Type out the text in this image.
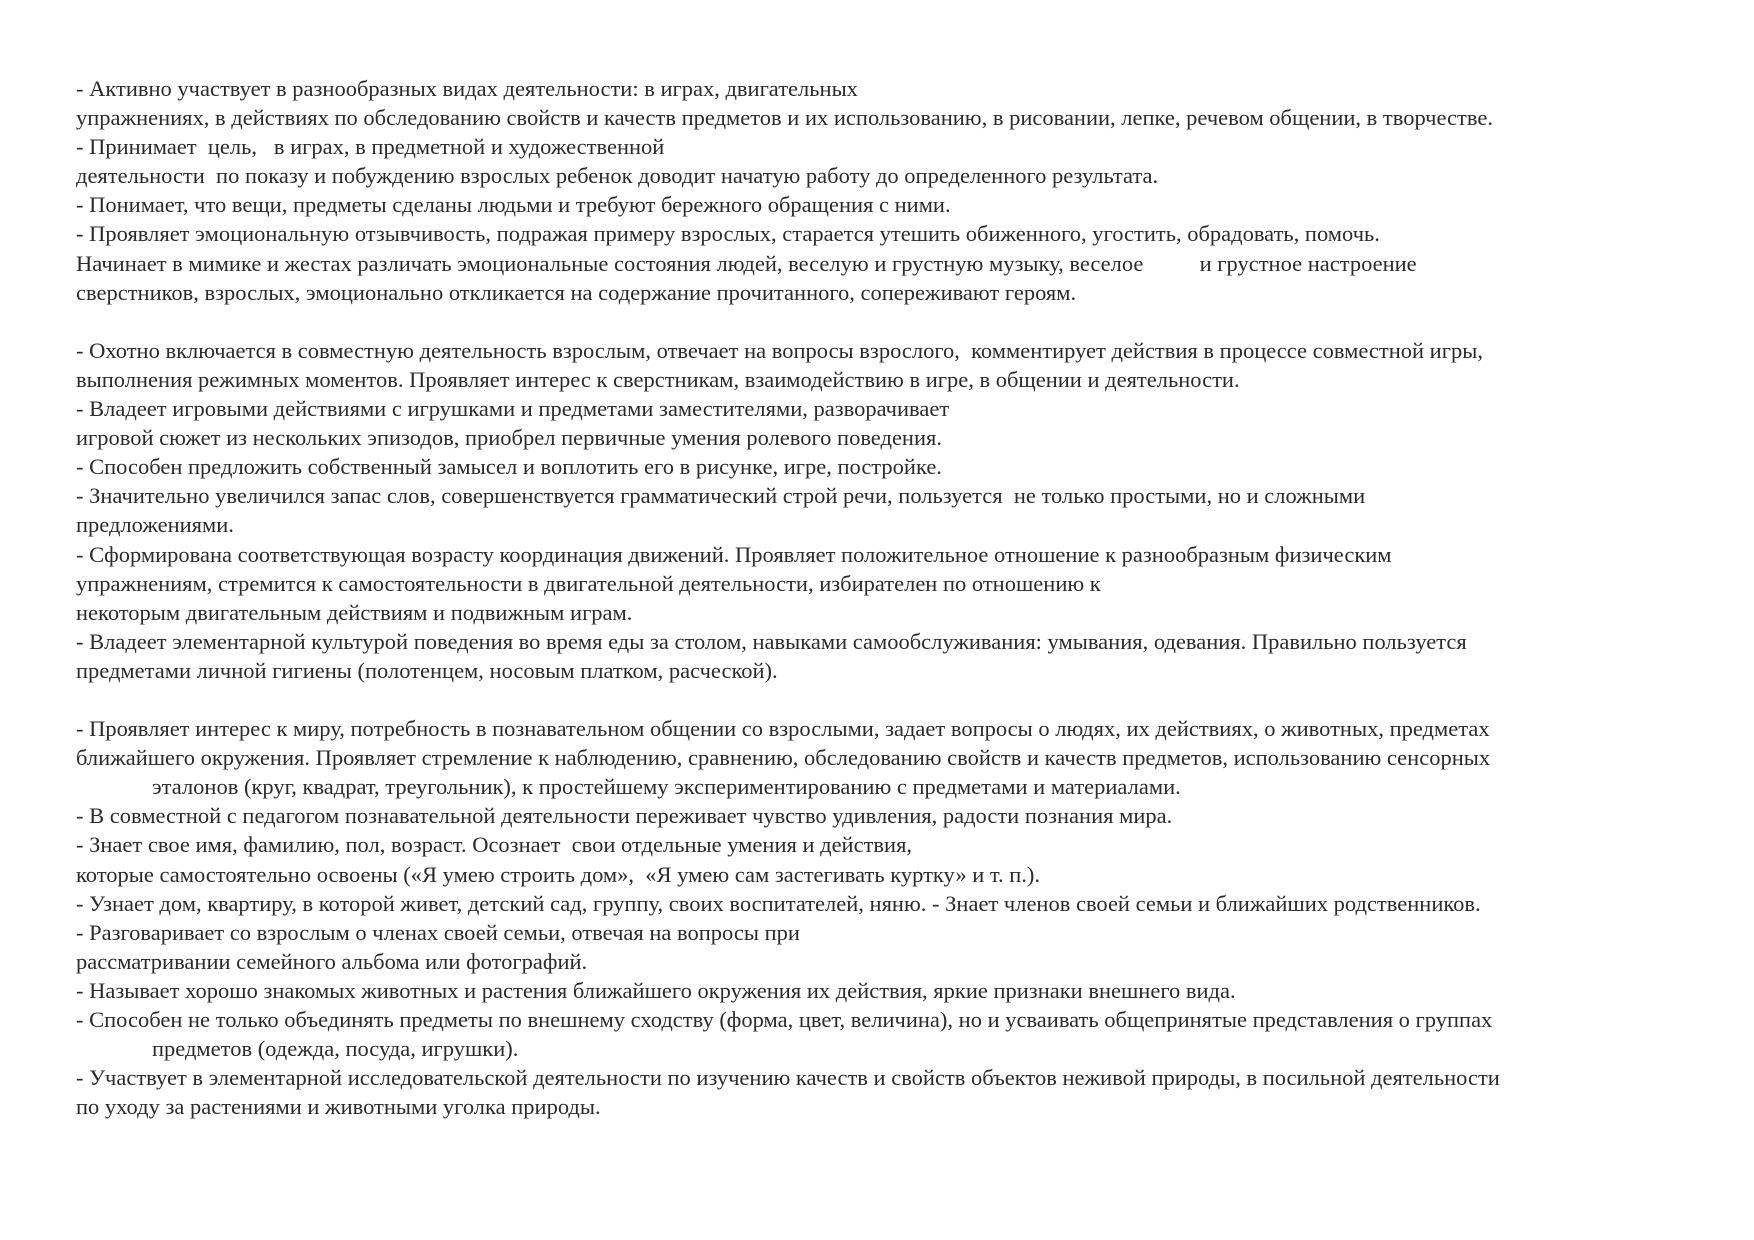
- Активно участвует в разнообразных видах деятельности: в играх, двигательных
упражнениях, в действиях по обследованию свойств и качеств предметов и их использованию, в рисовании, лепке, речевом общении, в творчестве.
- Принимает  цель,   в играх, в предметной и художественной
деятельности  по показу и побуждению взрослых ребенок доводит начатую работу до определенного результата.
- Понимает, что вещи, предметы сделаны людьми и требуют бережного обращения с ними.
- Проявляет эмоциональную отзывчивость, подражая примеру взрослых, старается утешить обиженного, угостить, обрадовать, помочь.
Начинает в мимике и жестах различать эмоциональные состояния людей, веселую и грустную музыку, веселое          и грустное настроение
сверстников, взрослых, эмоционально откликается на содержание прочитанного, сопереживают героям.
- Охотно включается в совместную деятельность взрослым, отвечает на вопросы взрослого,  комментирует действия в процессе совместной игры,
выполнения режимных моментов. Проявляет интерес к сверстникам, взаимодействию в игре, в общении и деятельности.
- Владеет игровыми действиями с игрушками и предметами заместителями, разворачивает
игровой сюжет из нескольких эпизодов, приобрел первичные умения ролевого поведения.
- Способен предложить собственный замысел и воплотить его в рисунке, игре, постройке.
- Значительно увеличился запас слов, совершенствуется грамматический строй речи, пользуется  не только простыми, но и сложными
предложениями.
- Сформирована соответствующая возрасту координация движений. Проявляет положительное отношение к разнообразным физическим
упражнениям, стремится к самостоятельности в двигательной деятельности, избирателен по отношению к
некоторым двигательным действиям и подвижным играм.
- Владеет элементарной культурой поведения во время еды за столом, навыками самообслуживания: умывания, одевания. Правильно пользуется
предметами личной гигиены (полотенцем, носовым платком, расческой).
- Проявляет интерес к миру, потребность в познавательном общении со взрослыми, задает вопросы о людях, их действиях, о животных, предметах
ближайшего окружения. Проявляет стремление к наблюдению, сравнению, обследованию свойств и качеств предметов, использованию сенсорных
эталонов (круг, квадрат, треугольник), к простейшему экспериментированию с предметами и материалами.
- В совместной с педагогом познавательной деятельности переживает чувство удивления, радости познания мира.
- Знает свое имя, фамилию, пол, возраст. Осознает  свои отдельные умения и действия,
которые самостоятельно освоены («Я умею строить дом»,  «Я умею сам застегивать куртку» и т. п.).
- Узнает дом, квартиру, в которой живет, детский сад, группу, своих воспитателей, няню. - Знает членов своей семьи и ближайших родственников.
- Разговаривает со взрослым о членах своей семьи, отвечая на вопросы при
рассматривании семейного альбома или фотографий.
- Называет хорошо знакомых животных и растения ближайшего окружения их действия, яркие признаки внешнего вида.
- Способен не только объединять предметы по внешнему сходству (форма, цвет, величина), но и усваивать общепринятые представления о группах
предметов (одежда, посуда, игрушки).
- Участвует в элементарной исследовательской деятельности по изучению качеств и свойств объектов неживой природы, в посильной деятельности
по уходу за растениями и животными уголка природы.
